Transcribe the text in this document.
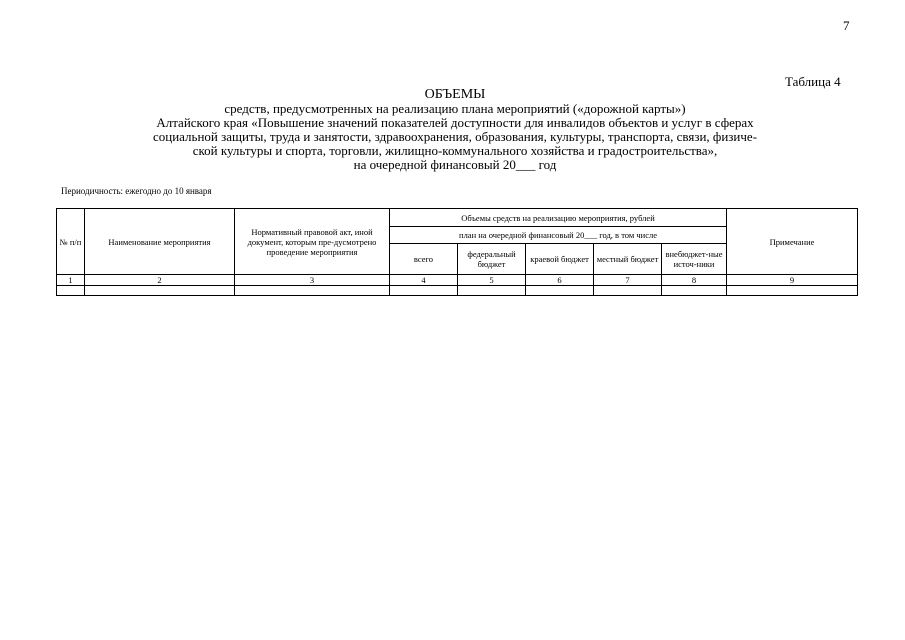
7
Таблица 4
ОБЪЕМЫ
средств, предусмотренных на реализацию плана мероприятий («дорожной карты»)
Алтайского края «Повышение значений показателей доступности для инвалидов объектов и услуг в сферах
социальной защиты, труда и занятости, здравоохранения, образования, культуры, транспорта, связи, физиче-
ской культуры и спорта, торговли, жилищно-коммунального хозяйства и градостроительства»,
на очередной финансовый 20___ год
Периодичность: ежегодно до 10 января
№ п/п	Наименование мероприятия	Нормативный правовой акт, иной документ, которым пре-дусмотрено проведение мероприятия	Объемы средств на реализацию мероприятия, рублей					Примечание
			план на очередной финансовый 20___ год, в том числе					
			всего	федеральный бюджет	краевой бюджет	местный бюджет	внебюджет-ные источ-ники	
1	2	3	4	5	6	7	8	9
